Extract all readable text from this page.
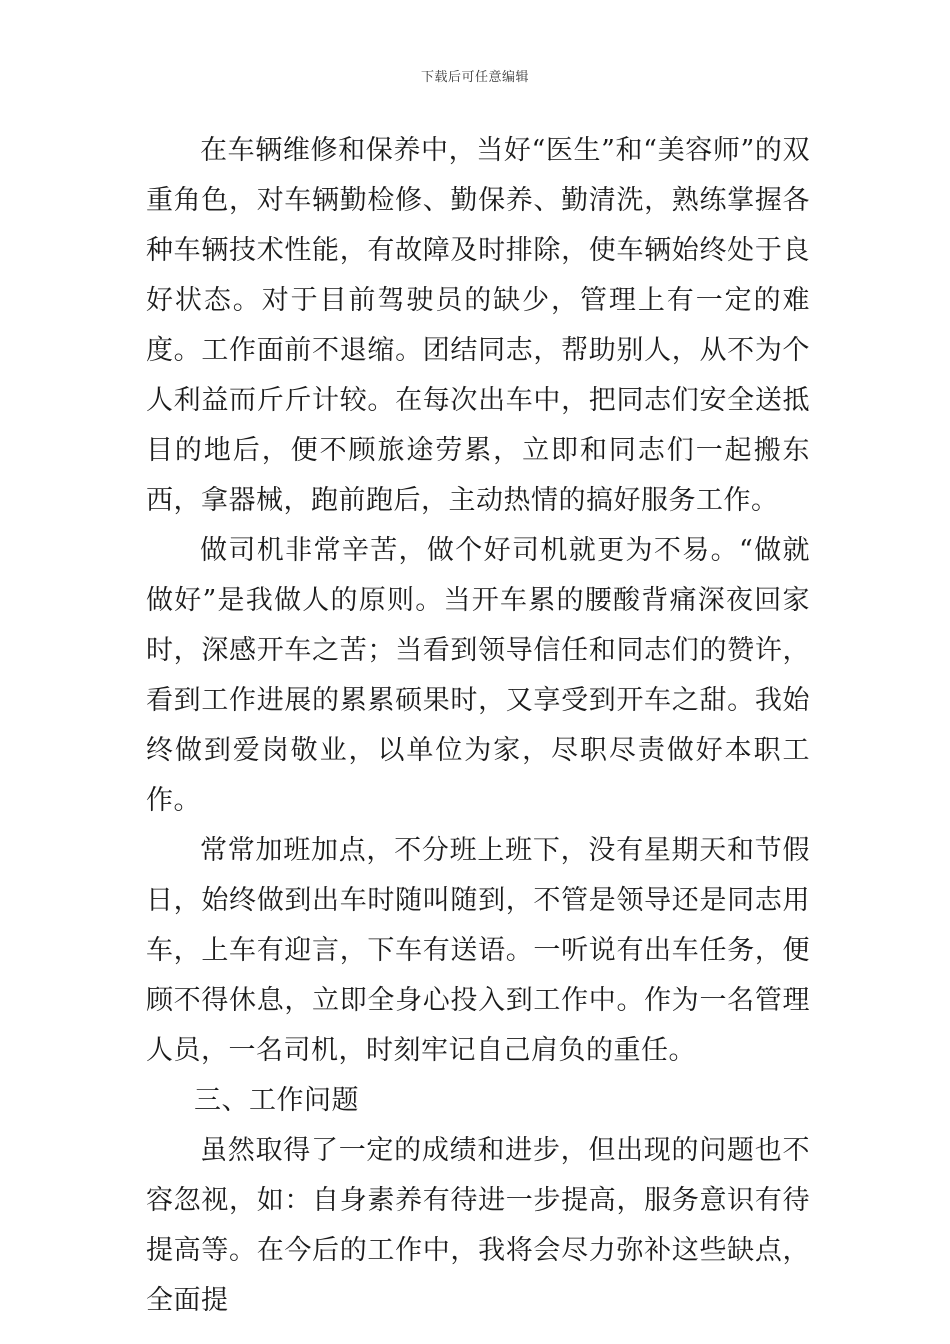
下载后可任意编辑

在车辆维修和保养中，当好“医生”和“美容师”的双重角色，对车辆勤检修、勤保养、勤清洗，熟练掌握各种车辆技术性能，有故障及时排除，使车辆始终处于良好状态。对于目前驾驶员的缺少，管理上有一定的难度。工作面前不退缩。团结同志，帮助别人，从不为个人利益而斤斤计较。在每次出车中，把同志们安全送抵目的地后，便不顾旅途劳累，立即和同志们一起搬东西，拿器械，跑前跑后，主动热情的搞好服务工作。

做司机非常辛苦，做个好司机就更为不易。“做就做好”是我做人的原则。当开车累的腰酸背痛深夜回家时，深感开车之苦；当看到领导信任和同志们的赞许，看到工作进展的累累硕果时，又享受到开车之甜。我始终做到爱岗敬业，以单位为家，尽职尽责做好本职工作。

常常加班加点，不分班上班下，没有星期天和节假日，始终做到出车时随叫随到，不管是领导还是同志用车，上车有迎言，下车有送语。一听说有出车任务，便顾不得休息，立即全身心投入到工作中。作为一名管理人员，一名司机，时刻牢记自己肩负的重任。

三、工作问题

虽然取得了一定的成绩和进步，但出现的问题也不容忽视，如：自身素养有待进一步提高，服务意识有待提高等。在今后的工作中，我将会尽力弥补这些缺点，全面提
